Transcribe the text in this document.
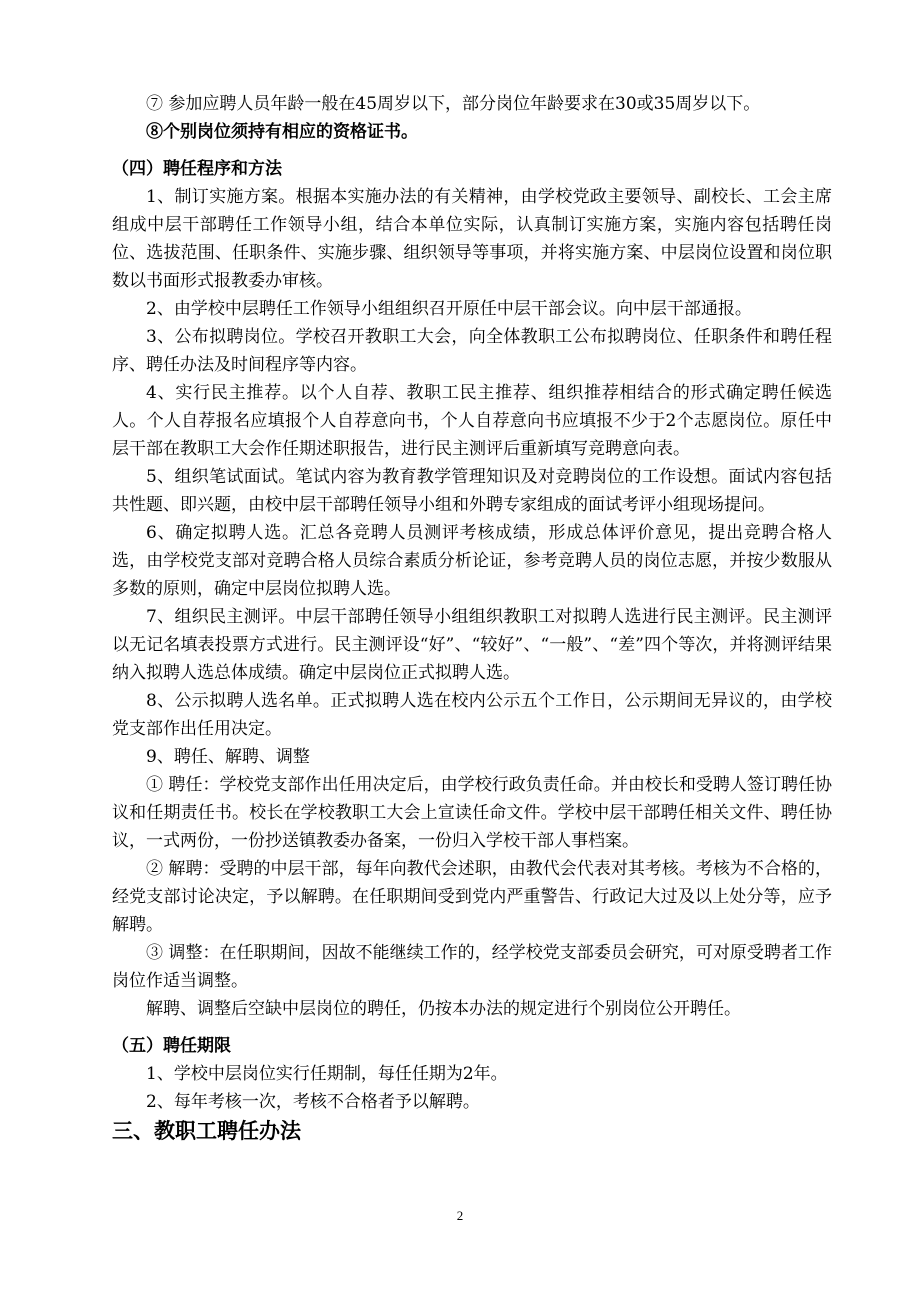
⑦ 参加应聘人员年龄一般在45周岁以下，部分岗位年龄要求在30或35周岁以下。

⑧个别岗位须持有相应的资格证书。

（四）聘任程序和方法

1、制订实施方案。根据本实施办法的有关精神，由学校党政主要领导、副校长、工会主席组成中层干部聘任工作领导小组，结合本单位实际，认真制订实施方案，实施内容包括聘任岗位、选拔范围、任职条件、实施步骤、组织领导等事项，并将实施方案、中层岗位设置和岗位职数以书面形式报教委办审核。

2、由学校中层聘任工作领导小组组织召开原任中层干部会议。向中层干部通报。

3、公布拟聘岗位。学校召开教职工大会，向全体教职工公布拟聘岗位、任职条件和聘任程序、聘任办法及时间程序等内容。

4、实行民主推荐。以个人自荐、教职工民主推荐、组织推荐相结合的形式确定聘任候选人。个人自荐报名应填报个人自荐意向书，个人自荐意向书应填报不少于2个志愿岗位。原任中层干部在教职工大会作任期述职报告，进行民主测评后重新填写竞聘意向表。

5、组织笔试面试。笔试内容为教育教学管理知识及对竞聘岗位的工作设想。面试内容包括共性题、即兴题，由校中层干部聘任领导小组和外聘专家组成的面试考评小组现场提问。

6、确定拟聘人选。汇总各竞聘人员测评考核成绩，形成总体评价意见，提出竞聘合格人选，由学校党支部对竞聘合格人员综合素质分析论证，参考竞聘人员的岗位志愿，并按少数服从多数的原则，确定中层岗位拟聘人选。

7、组织民主测评。中层干部聘任领导小组组织教职工对拟聘人选进行民主测评。民主测评以无记名填表投票方式进行。民主测评设“好”、“较好”、“一般”、“差”四个等次，并将测评结果纳入拟聘人选总体成绩。确定中层岗位正式拟聘人选。

8、公示拟聘人选名单。正式拟聘人选在校内公示五个工作日，公示期间无异议的，由学校党支部作出任用决定。

9、聘任、解聘、调整

① 聘任：学校党支部作出任用决定后，由学校行政负责任命。并由校长和受聘人签订聘任协议和任期责任书。校长在学校教职工大会上宣读任命文件。学校中层干部聘任相关文件、聘任协议，一式两份，一份抄送镇教委办备案，一份归入学校干部人事档案。

② 解聘：受聘的中层干部，每年向教代会述职，由教代会代表对其考核。考核为不合格的，经党支部讨论决定，予以解聘。在任职期间受到党内严重警告、行政记大过及以上处分等，应予解聘。

③ 调整：在任职期间，因故不能继续工作的，经学校党支部委员会研究，可对原受聘者工作岗位作适当调整。

解聘、调整后空缺中层岗位的聘任，仍按本办法的规定进行个别岗位公开聘任。

（五）聘任期限

1、学校中层岗位实行任期制，每任任期为2年。

2、每年考核一次，考核不合格者予以解聘。

三、教职工聘任办法

2
